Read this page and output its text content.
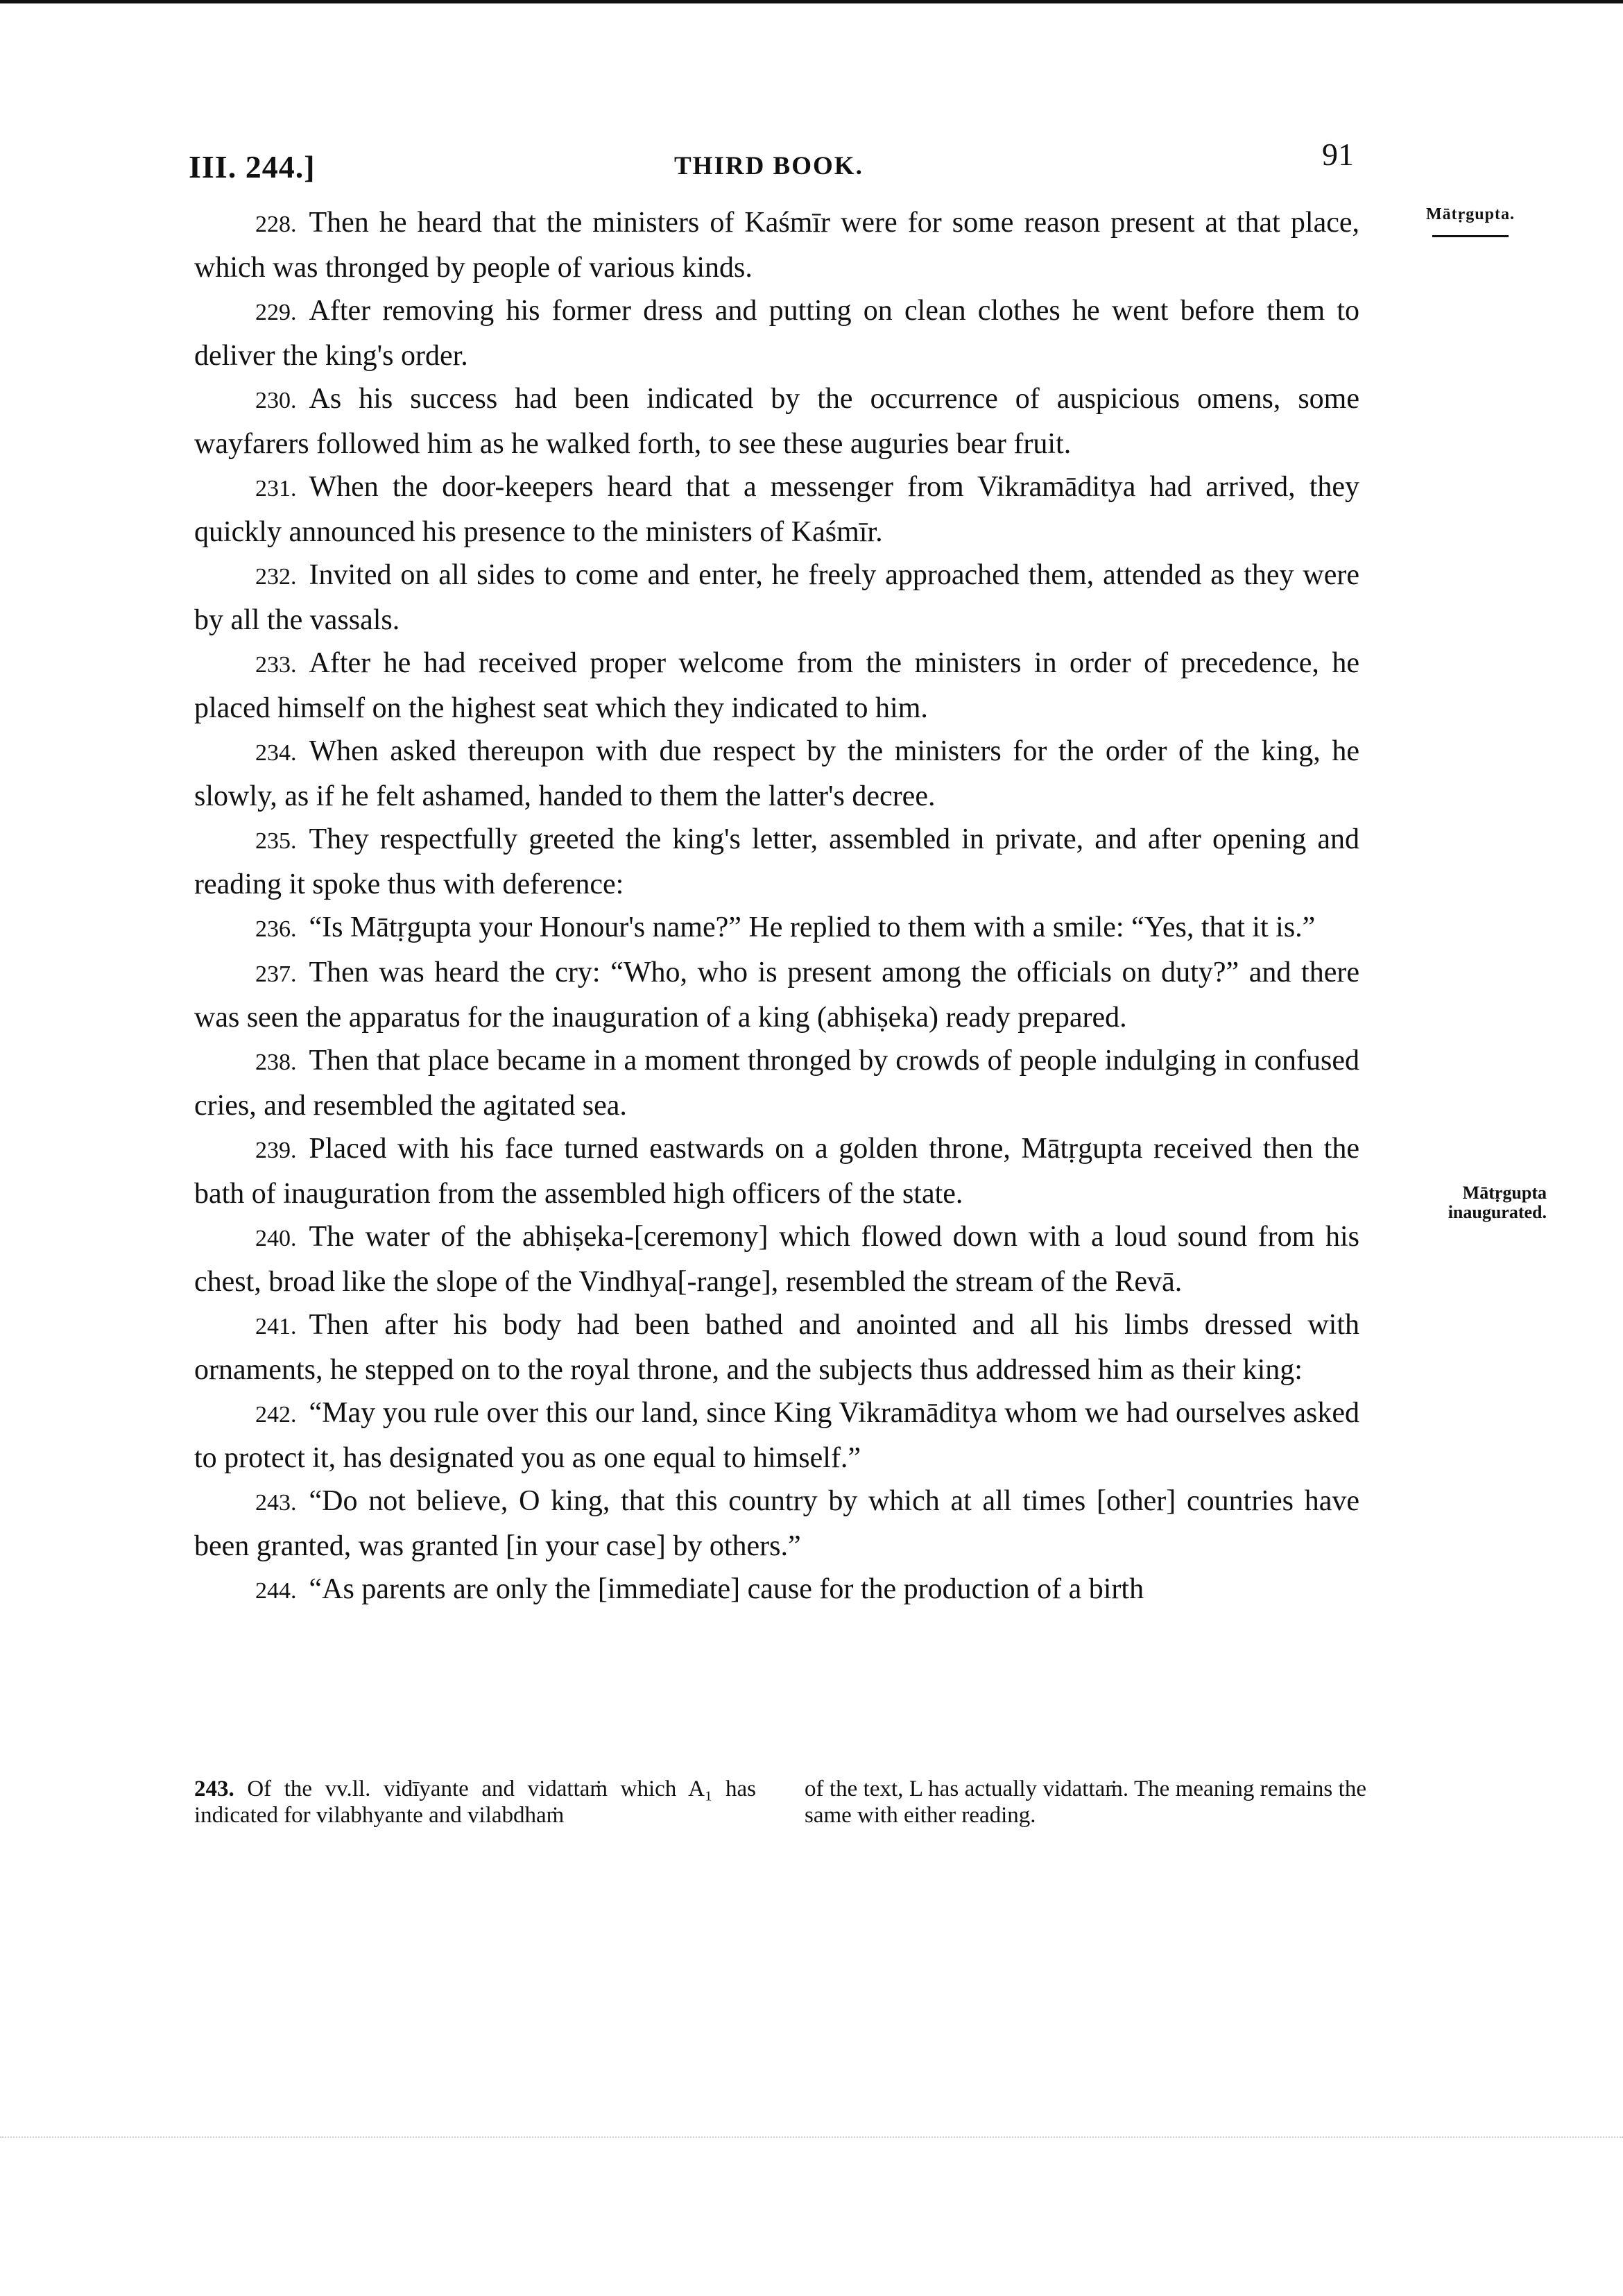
III. 244.]	THIRD BOOK.	91
Mātṛgupta.
Mātṛgupta inaugurated.

228. Then he heard that the ministers of Kaśmīr were for some reason present at that place, which was thronged by people of various kinds.

229. After removing his former dress and putting on clean clothes he went before them to deliver the king's order.

230. As his success had been indicated by the occurrence of auspicious omens, some wayfarers followed him as he walked forth, to see these auguries bear fruit.

231. When the door-keepers heard that a messenger from Vikramāditya had arrived, they quickly announced his presence to the ministers of Kaśmīr.

232. Invited on all sides to come and enter, he freely approached them, attended as they were by all the vassals.

233. After he had received proper welcome from the ministers in order of precedence, he placed himself on the highest seat which they indicated to him.

234. When asked thereupon with due respect by the ministers for the order of the king, he slowly, as if he felt ashamed, handed to them the latter's decree.

235. They respectfully greeted the king's letter, assembled in private, and after opening and reading it spoke thus with deference:

236. “Is Mātṛgupta your Honour's name?” He replied to them with a smile: “Yes, that it is.”

237. Then was heard the cry: “Who, who is present among the officials on duty?” and there was seen the apparatus for the inauguration of a king (abhiṣeka) ready prepared.

238. Then that place became in a moment thronged by crowds of people indulging in confused cries, and resembled the agitated sea.

239. Placed with his face turned eastwards on a golden throne, Mātṛgupta received then the bath of inauguration from the assembled high officers of the state.

240. The water of the abhiṣeka-[ceremony] which flowed down with a loud sound from his chest, broad like the slope of the Vindhya[-range], resembled the stream of the Revā.

241. Then after his body had been bathed and anointed and all his limbs dressed with ornaments, he stepped on to the royal throne, and the subjects thus addressed him as their king:

242. “May you rule over this our land, since King Vikramāditya whom we had ourselves asked to protect it, has designated you as one equal to himself.”

243. “Do not believe, O king, that this country by which at all times [other] countries have been granted, was granted [in your case] by others.”

244. “As parents are only the [immediate] cause for the production of a birth

243. Of the vv.ll. vidīyante and vidattaṁ which A₁ has indicated for vilabhyante and vilabdhaṁ
of the text, L has actually vidattaṁ. The meaning remains the same with either reading.
